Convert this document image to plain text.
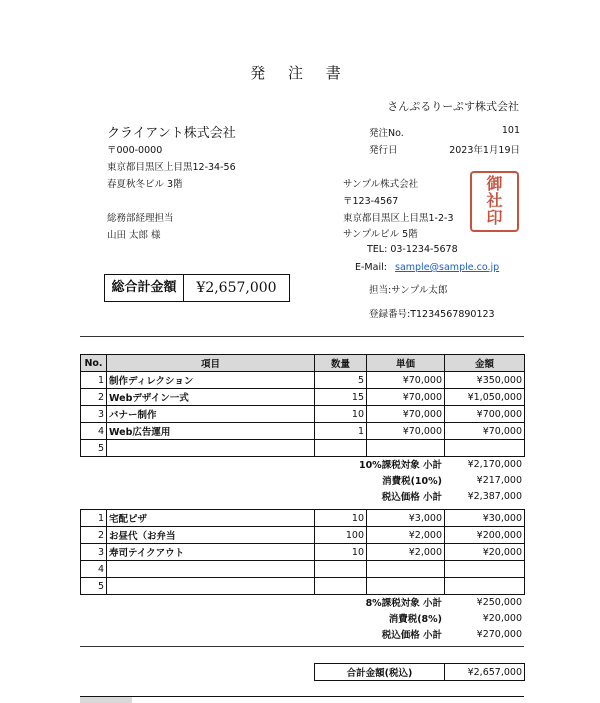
発 注 書
さんぷるりーぷす株式会社
クライアント株式会社
〒000-0000
東京都目黒区上目黒12-34-56
春夏秋冬ビル 3階
総務部経理担当
山田 太郎 様
発注No.	101
発行日	2023年1月19日
サンプル株式会社
〒123-4567
東京都目黒区上目黒1-2-3
サンプルビル 5階
TEL: 03-1234-5678
E-Mail: sample@sample.co.jp
担当:サンプル太郎
登録番号:T1234567890123
御
社
印
総合計金額	¥2,657,000
No.	項目	数量	単価	金額
1	制作ディレクション	5	¥70,000	¥350,000
2	Webデザイン一式	15	¥70,000	¥1,050,000
3	バナー制作	10	¥70,000	¥700,000
4	Web広告運用	1	¥70,000	¥70,000
5				
10%課税対象 小計	¥2,170,000
消費税(10%)	¥217,000
税込価格 小計	¥2,387,000
1	宅配ピザ	10	¥3,000	¥30,000
2	お昼代（お弁当	100	¥2,000	¥200,000
3	寿司テイクアウト	10	¥2,000	¥20,000
4				
5				
8%課税対象 小計	¥250,000
消費税(8%)	¥20,000
税込価格 小計	¥270,000
合計金額(税込)	¥2,657,000
